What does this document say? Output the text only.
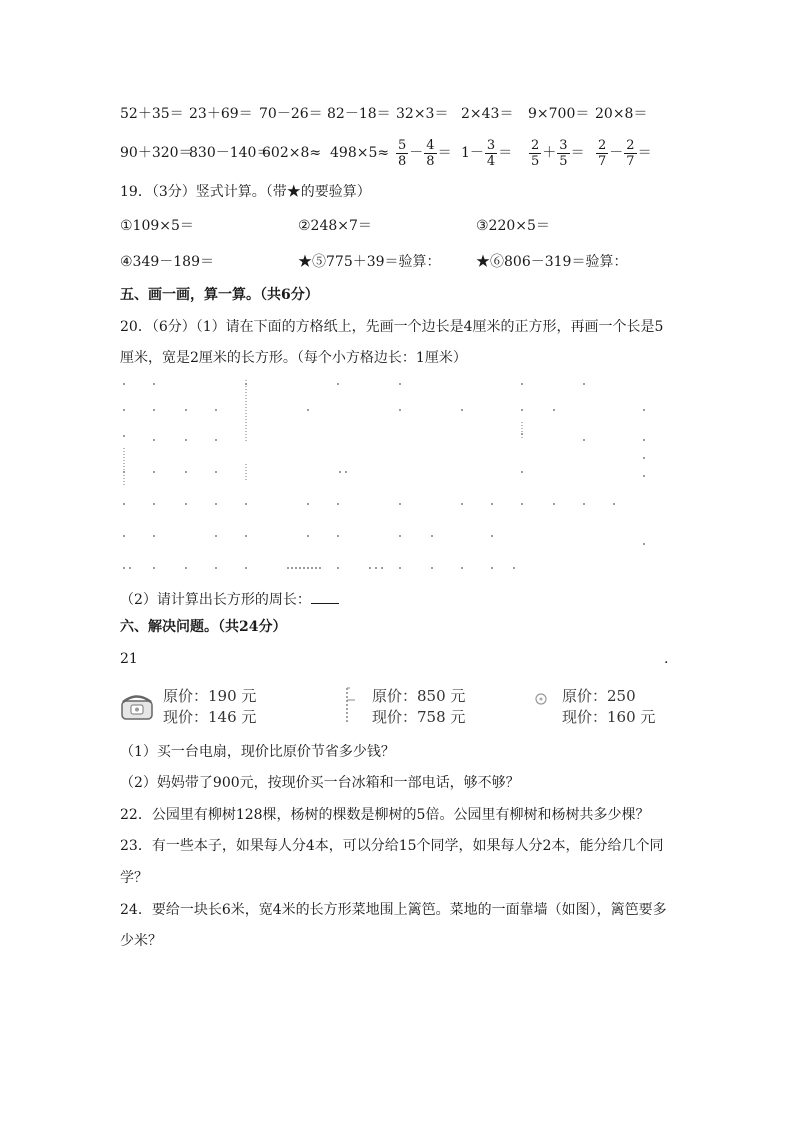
52＋35＝ 23＋69＝ 70－26＝ 82－18＝ 32×3＝ 2×43＝ 9×700＝ 20×8＝
90＋320＝
830－140＝
$602\times 8\approx 498\times 5\approx \frac{5}{8} - \frac{4}{8} = 1- \frac{3}{4} = \frac{2}{5} + \frac{3}{5} = \frac{2}{7} - \frac{2}{7}$ ＝
19．（3分）竖式计算。（带★的要验算）
①109×5＝	②248×7＝	③220×5＝
④349－189＝	★⑤775＋39＝验算：	★⑥806－319＝验算：
五、画一画，算一算。（共6分）
20．（6分）（1）请在下面的方格纸上，先画一个边长是4厘米的正方形，再画一个长是5
厘米，宽是2厘米的长方形。（每个小方格边长：1厘米）
（2）请计算出长方形的周长：
六、解决问题。（共24分）
21	.
原价：190 元
现价：146 元
原价：850 元
现价：758 元
原价：250
现价：160 元
（1）买一台电扇，现价比原价节省多少钱？
（2）妈妈带了900元，按现价买一台冰箱和一部电话，够不够？
22．公园里有柳树128棵，杨树的棵数是柳树的5倍。公园里有柳树和杨树共多少棵？
23．有一些本子，如果每人分4本，可以分给15个同学，如果每人分2本，能分给几个同
学？
24．要给一块长6米，宽4米的长方形菜地围上篱笆。菜地的一面靠墙（如图），篱笆要多
少米？
